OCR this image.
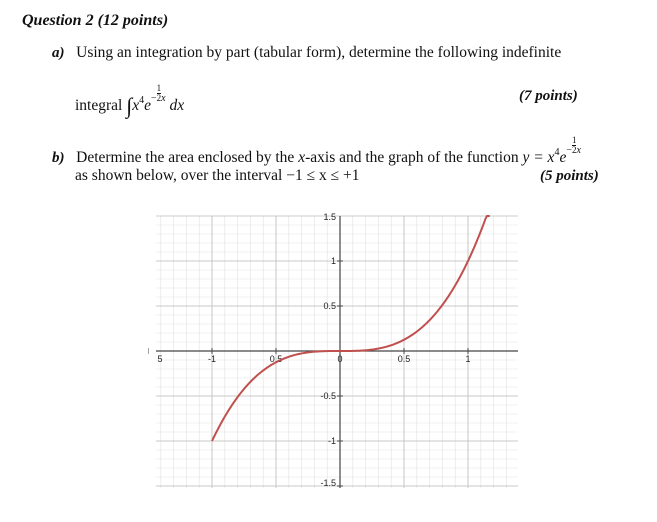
Question 2 (12 points)
a) Using an integration by part (tabular form), determine the following indefinite
integral $\int x^4e^- \frac{1}{2} ^x$ dx
(7 points)
b) Determine the area enclosed by the x-axis and the graph of the function $y = x^4e^- \frac{1}{2} ^x$
as shown below, over the interval −1 ≤ x ≤ +1	(5 points)
5	-1	0.5	0	0.5	1
1.5
1
0.5
-0.5
-1
-1.5
